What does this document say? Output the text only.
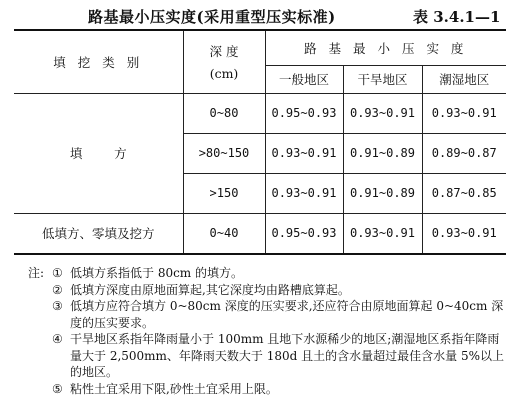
路基最小压实度(采用重型压实标准)	表 3.4.1—1
填 挖 类 别	深 度
(cm)	路 基 最 小 压 实 度		
		一般地区	干旱地区	潮湿地区
填        方	0~80	0.95~0.93	0.93~0.91	0.93~0.91
	>80~150	0.93~0.91	0.91~0.89	0.89~0.87
	>150	0.93~0.91	0.91~0.89	0.87~0.85
低填方、零填及挖方	0~40	0.95~0.93	0.93~0.91	0.93~0.91
注: ① 低填方系指低于 80cm 的填方。
② 低填方深度由原地面算起,其它深度均由路槽底算起。
③ 低填方应符合填方 0~80cm 深度的压实要求,还应符合由原地面算起 0~40cm 深度的压实要求。
④ 干旱地区系指年降雨量小于 100mm 且地下水源稀少的地区;潮湿地区系指年降雨量大于 2,500mm、年降雨天数大于 180d 且土的含水量超过最佳含水量 5%以上的地区。
⑤ 粘性土宜采用下限,砂性土宜采用上限。
